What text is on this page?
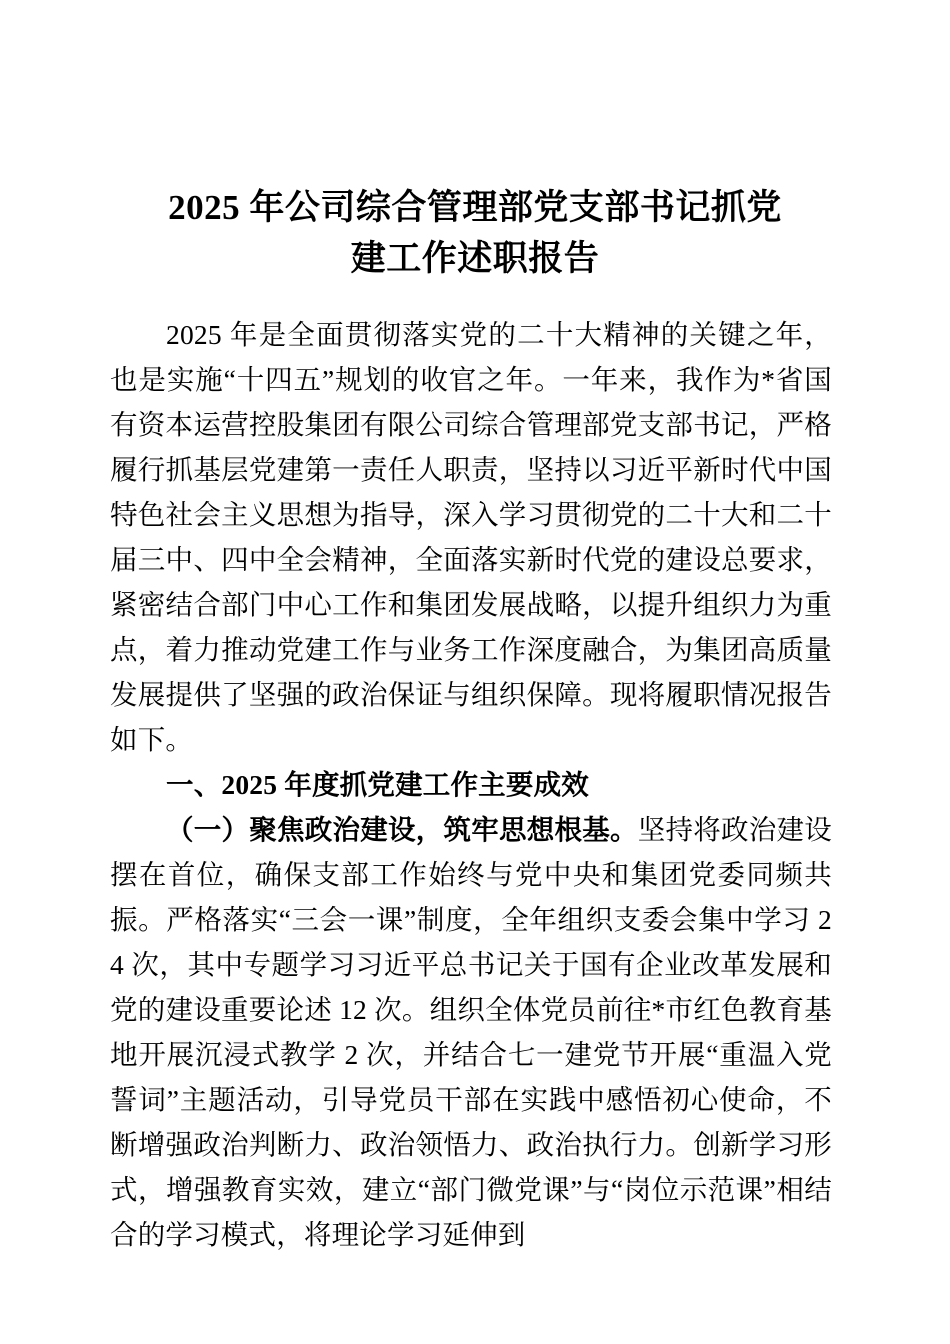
2025 年公司综合管理部党支部书记抓党
建工作述职报告

2025 年是全面贯彻落实党的二十大精神的关键之年，也是实施“十四五”规划的收官之年。一年来，我作为*省国有资本运营控股集团有限公司综合管理部党支部书记，严格履行抓基层党建第一责任人职责，坚持以习近平新时代中国特色社会主义思想为指导，深入学习贯彻党的二十大和二十届三中、四中全会精神，全面落实新时代党的建设总要求，紧密结合部门中心工作和集团发展战略，以提升组织力为重点，着力推动党建工作与业务工作深度融合，为集团高质量发展提供了坚强的政治保证与组织保障。现将履职情况报告如下。

一、2025 年度抓党建工作主要成效

（一）聚焦政治建设，筑牢思想根基。坚持将政治建设摆在首位，确保支部工作始终与党中央和集团党委同频共振。严格落实“三会一课”制度，全年组织支委会集中学习 24 次，其中专题学习习近平总书记关于国有企业改革发展和党的建设重要论述 12 次。组织全体党员前往*市红色教育基地开展沉浸式教学 2 次，并结合七一建党节开展“重温入党誓词”主题活动，引导党员干部在实践中感悟初心使命，不断增强政治判断力、政治领悟力、政治执行力。创新学习形式，增强教育实效，建立“部门微党课”与“岗位示范课”相结合的学习模式，将理论学习延伸到
